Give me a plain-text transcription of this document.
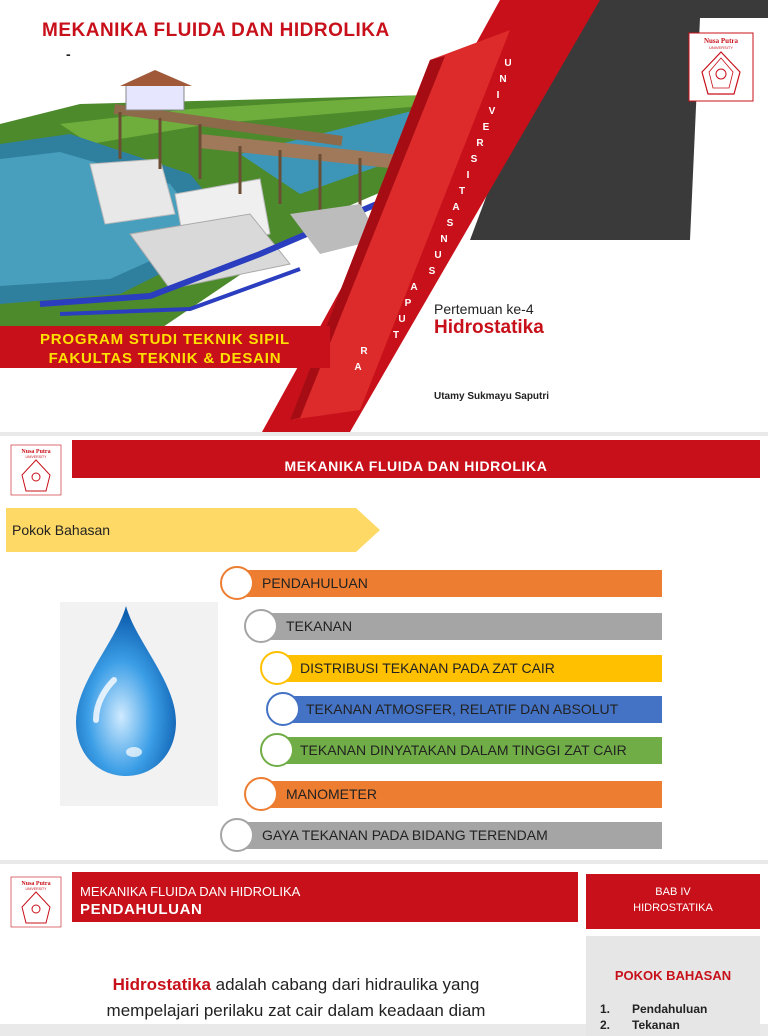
U
N
I
V
E
R
S
I
T
A
S
N
U
S
A
P
U
T
R
A
MEKANIKA FLUIDA DAN HIDROLIKA
-
PROGRAM STUDI TEKNIK SIPIL
FAKULTAS TEKNIK & DESAIN
Nusa Putra
UNIVERSITY
Pertemuan ke-4
Hidrostatika
Utamy Sukmayu Saputri
Nusa Putra
UNIVERSITY
MEKANIKA FLUIDA DAN HIDROLIKA
Pokok Bahasan
PENDAHULUAN
TEKANAN
DISTRIBUSI TEKANAN PADA ZAT CAIR
TEKANAN ATMOSFER, RELATIF DAN ABSOLUT
TEKANAN DINYATAKAN DALAM TINGGI ZAT CAIR
MANOMETER
GAYA TEKANAN PADA BIDANG TERENDAM
Nusa Putra
UNIVERSITY	MEKANIKA FLUIDA DAN HIDROLIKA
PENDAHULUAN
BAB IV
HIDROSTATIKA
POKOK BAHASAN
1. Pendahuluan
2. Tekanan
Hidrostatika adalah cabang dari hidraulika yang
mempelajari perilaku zat cair dalam keadaan diam
